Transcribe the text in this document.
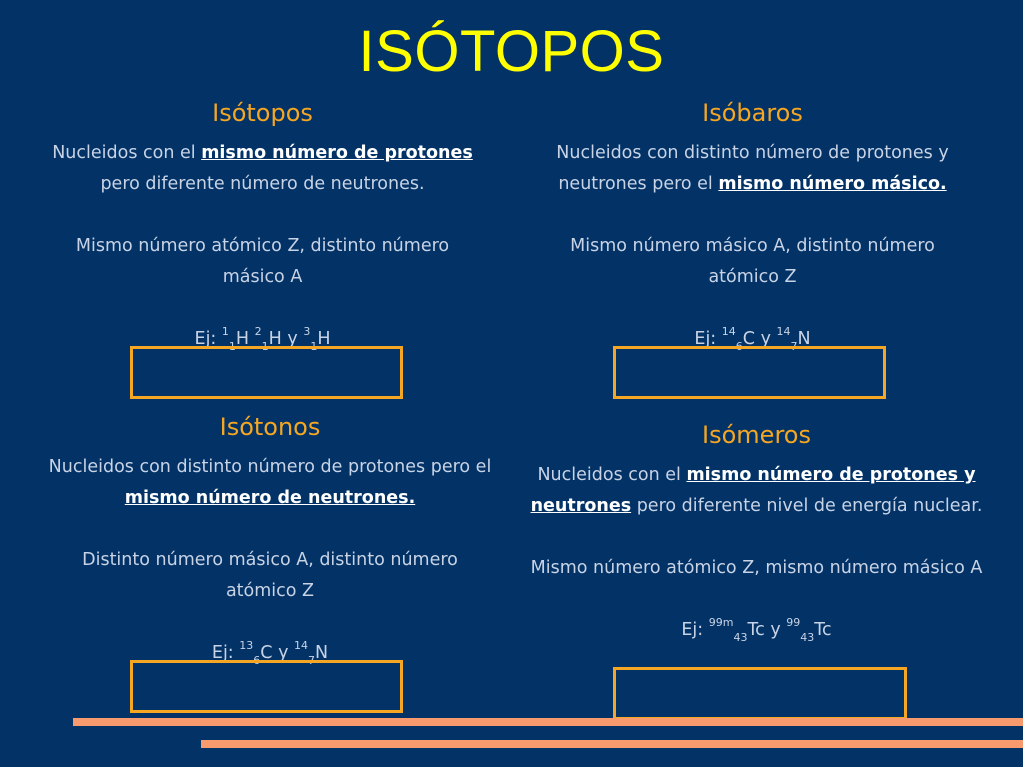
ISÓTOPOS

Isótopos

Nucleidos con el mismo número de protones
pero diferente número de neutrones.

Mismo número atómico Z, distinto número másico A

Ej: $^1_1$H $^2_1$H y $^3_1$H

Isóbaros

Nucleidos con distinto número de protones y neutrones pero el mismo número másico.

Mismo número másico A, distinto número atómico Z

Ej: $^{14}_6$C y $^{14}_7$N

Isótonos

Nucleidos con distinto número de protones pero el mismo número de neutrones.

Distinto número másico A, distinto número atómico Z

Ej: $^{13}_6$C y $^{14}_7$N

Isómeros

Nucleidos con el mismo número de protones y neutrones pero diferente nivel de energía nuclear.

Mismo número atómico Z, mismo número másico A

Ej: $^{99m}_{43}$Tc y $^{99}_{43}$Tc
